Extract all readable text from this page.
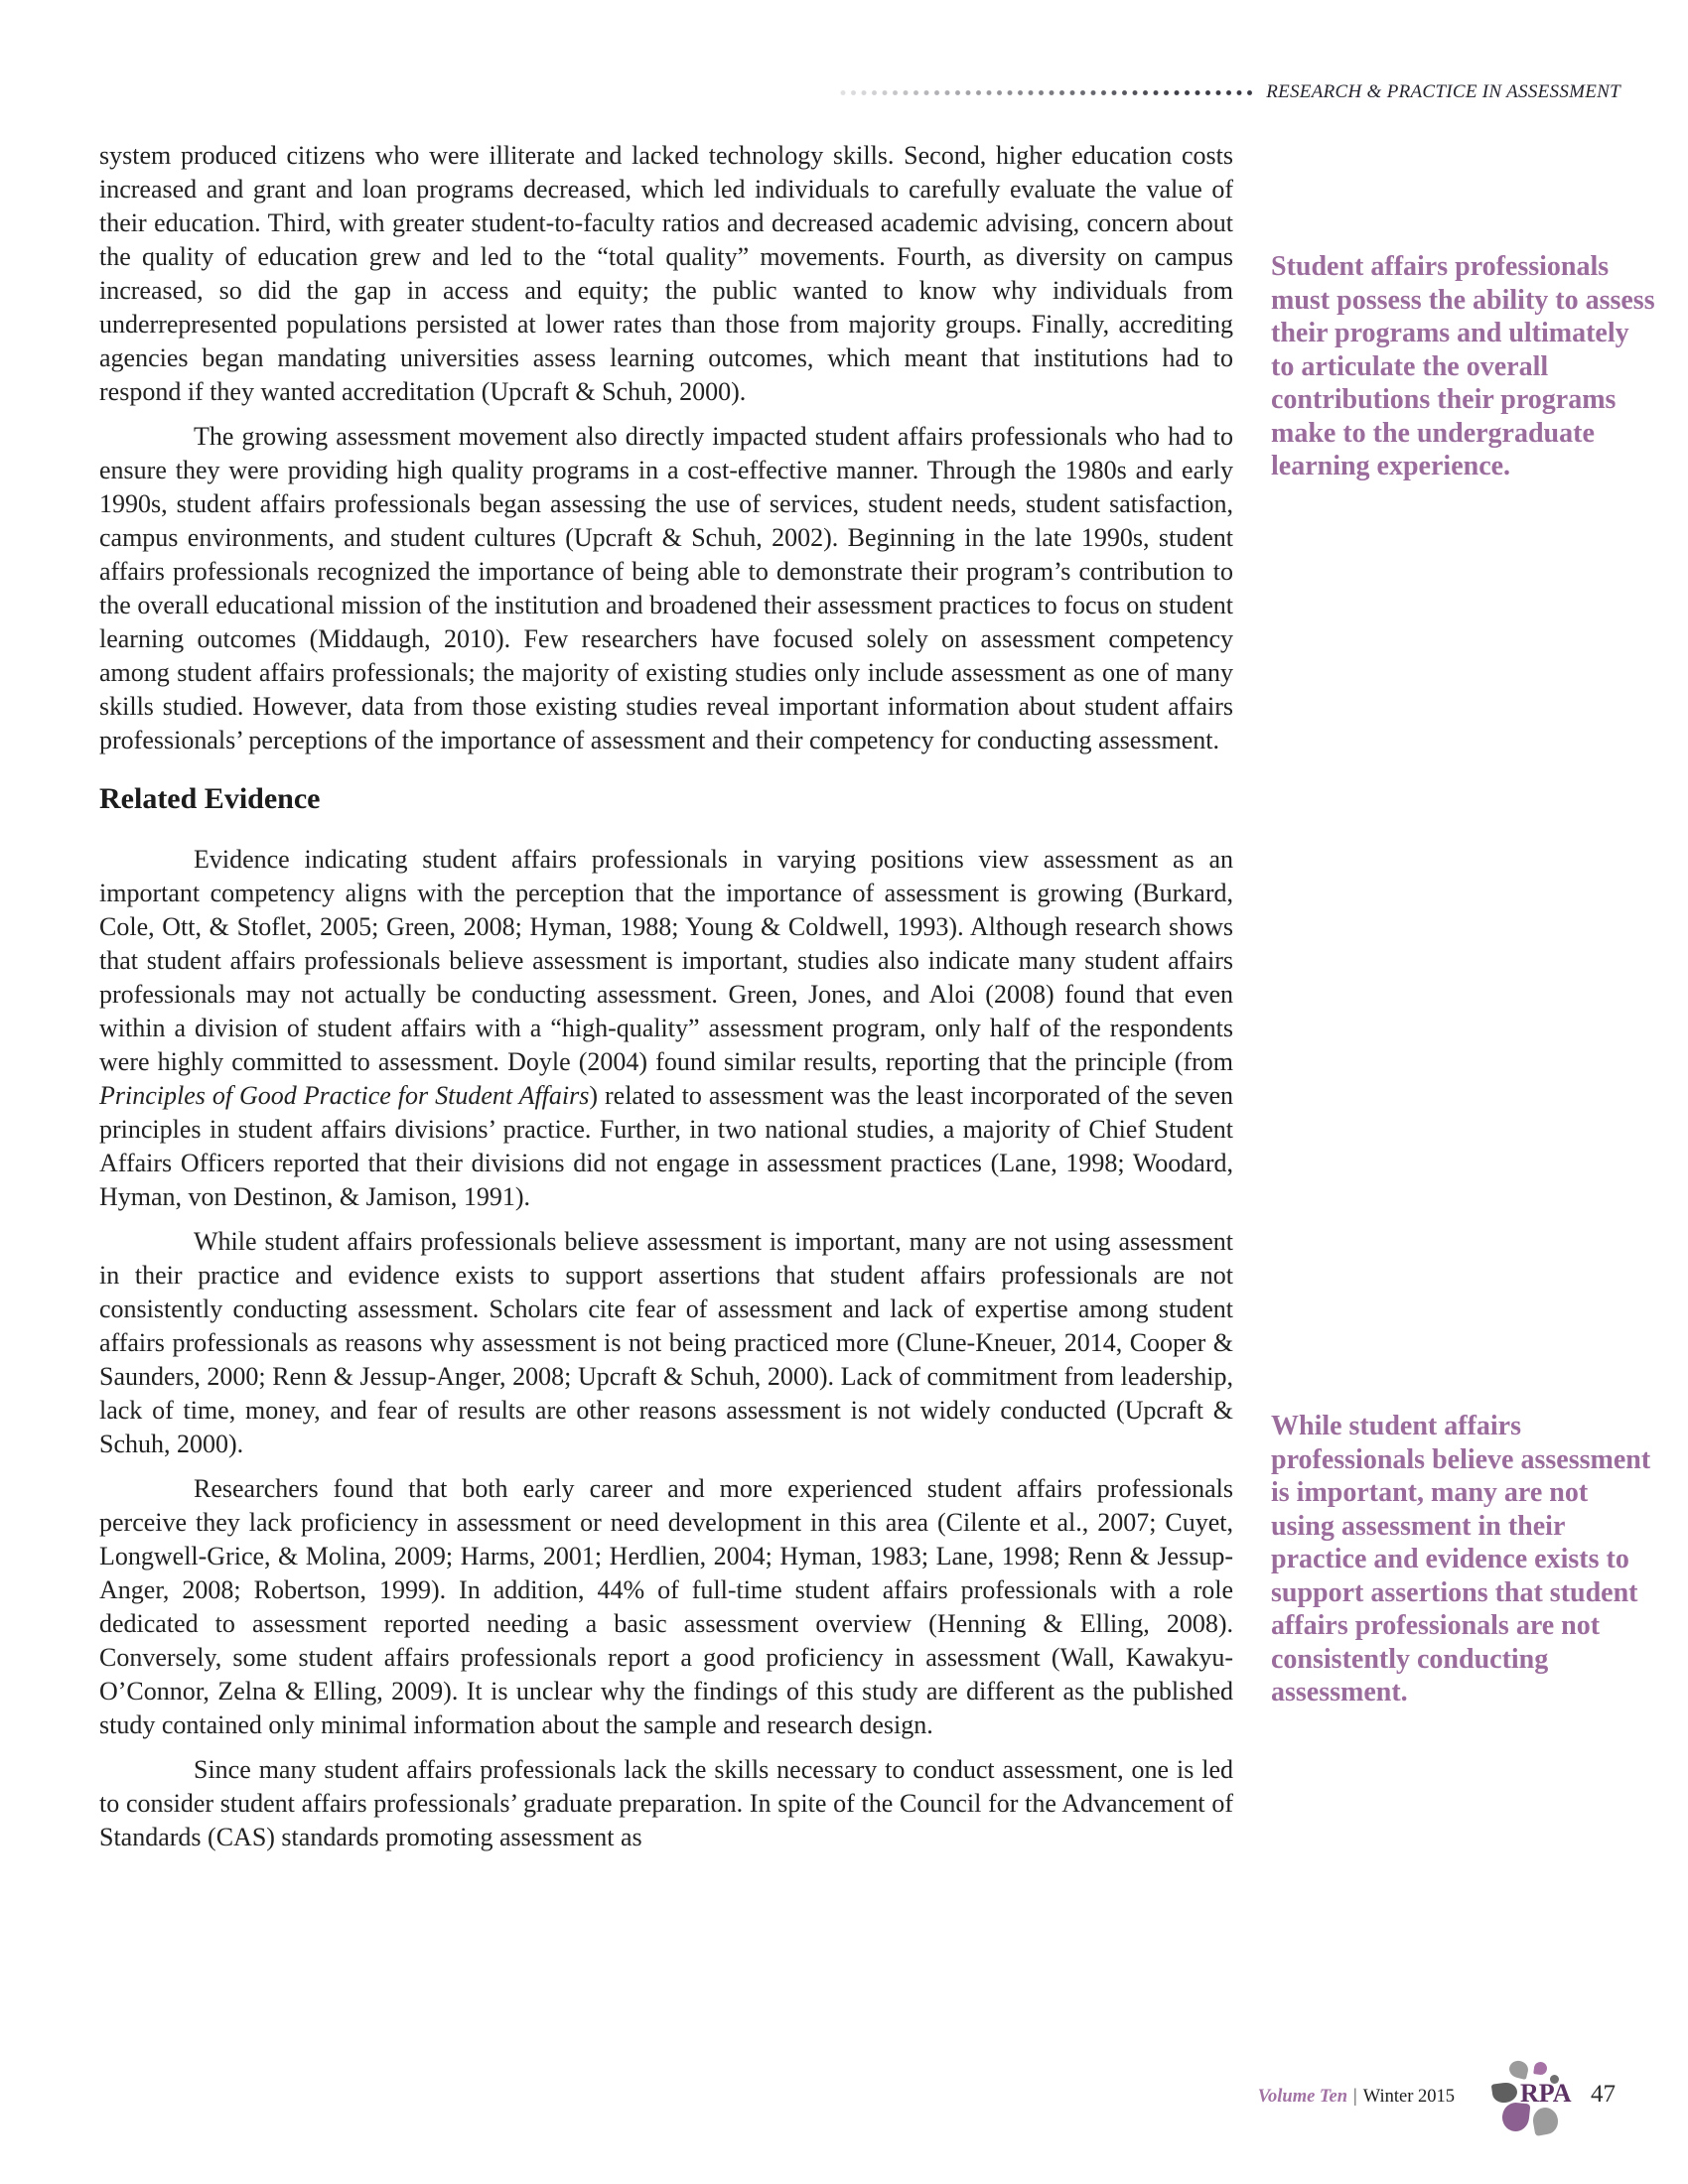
RESEARCH & PRACTICE IN ASSESSMENT

system produced citizens who were illiterate and lacked technology skills. Second, higher education costs increased and grant and loan programs decreased, which led individuals to carefully evaluate the value of their education. Third, with greater student-to-faculty ratios and decreased academic advising, concern about the quality of education grew and led to the “total quality” movements. Fourth, as diversity on campus increased, so did the gap in access and equity; the public wanted to know why individuals from underrepresented populations persisted at lower rates than those from majority groups. Finally, accrediting agencies began mandating universities assess learning outcomes, which meant that institutions had to respond if they wanted accreditation (Upcraft & Schuh, 2000).

The growing assessment movement also directly impacted student affairs professionals who had to ensure they were providing high quality programs in a cost-effective manner. Through the 1980s and early 1990s, student affairs professionals began assessing the use of services, student needs, student satisfaction, campus environments, and student cultures (Upcraft & Schuh, 2002). Beginning in the late 1990s, student affairs professionals recognized the importance of being able to demonstrate their program’s contribution to the overall educational mission of the institution and broadened their assessment practices to focus on student learning outcomes (Middaugh, 2010). Few researchers have focused solely on assessment competency among student affairs professionals; the majority of existing studies only include assessment as one of many skills studied. However, data from those existing studies reveal important information about student affairs professionals’ perceptions of the importance of assessment and their competency for conducting assessment.

Related Evidence

Evidence indicating student affairs professionals in varying positions view assessment as an important competency aligns with the perception that the importance of assessment is growing (Burkard, Cole, Ott, & Stoflet, 2005; Green, 2008; Hyman, 1988; Young & Coldwell, 1993). Although research shows that student affairs professionals believe assessment is important, studies also indicate many student affairs professionals may not actually be conducting assessment. Green, Jones, and Aloi (2008) found that even within a division of student affairs with a “high-quality” assessment program, only half of the respondents were highly committed to assessment. Doyle (2004) found similar results, reporting that the principle (from Principles of Good Practice for Student Affairs) related to assessment was the least incorporated of the seven principles in student affairs divisions’ practice. Further, in two national studies, a majority of Chief Student Affairs Officers reported that their divisions did not engage in assessment practices (Lane, 1998; Woodard, Hyman, von Destinon, & Jamison, 1991).

While student affairs professionals believe assessment is important, many are not using assessment in their practice and evidence exists to support assertions that student affairs professionals are not consistently conducting assessment. Scholars cite fear of assessment and lack of expertise among student affairs professionals as reasons why assessment is not being practiced more (Clune-Kneuer, 2014, Cooper & Saunders, 2000; Renn & Jessup-Anger, 2008; Upcraft & Schuh, 2000). Lack of commitment from leadership, lack of time, money, and fear of results are other reasons assessment is not widely conducted (Upcraft & Schuh, 2000).

Researchers found that both early career and more experienced student affairs professionals perceive they lack proficiency in assessment or need development in this area (Cilente et al., 2007; Cuyet, Longwell-Grice, & Molina, 2009; Harms, 2001; Herdlien, 2004; Hyman, 1983; Lane, 1998; Renn & Jessup-Anger, 2008; Robertson, 1999). In addition, 44% of full-time student affairs professionals with a role dedicated to assessment reported needing a basic assessment overview (Henning & Elling, 2008). Conversely, some student affairs professionals report a good proficiency in assessment (Wall, Kawakyu-O’Connor, Zelna & Elling, 2009). It is unclear why the findings of this study are different as the published study contained only minimal information about the sample and research design.

Since many student affairs professionals lack the skills necessary to conduct assessment, one is led to consider student affairs professionals’ graduate preparation. In spite of the Council for the Advancement of Standards (CAS) standards promoting assessment as

Student affairs professionals must possess the ability to assess their programs and ultimately to articulate the overall contributions their programs make to the undergraduate learning experience.
While student affairs professionals believe assessment is important, many are not using assessment in their practice and evidence exists to support assertions that student affairs professionals are not consistently conducting assessment.
Volume Ten | Winter 2015	RPA 47
